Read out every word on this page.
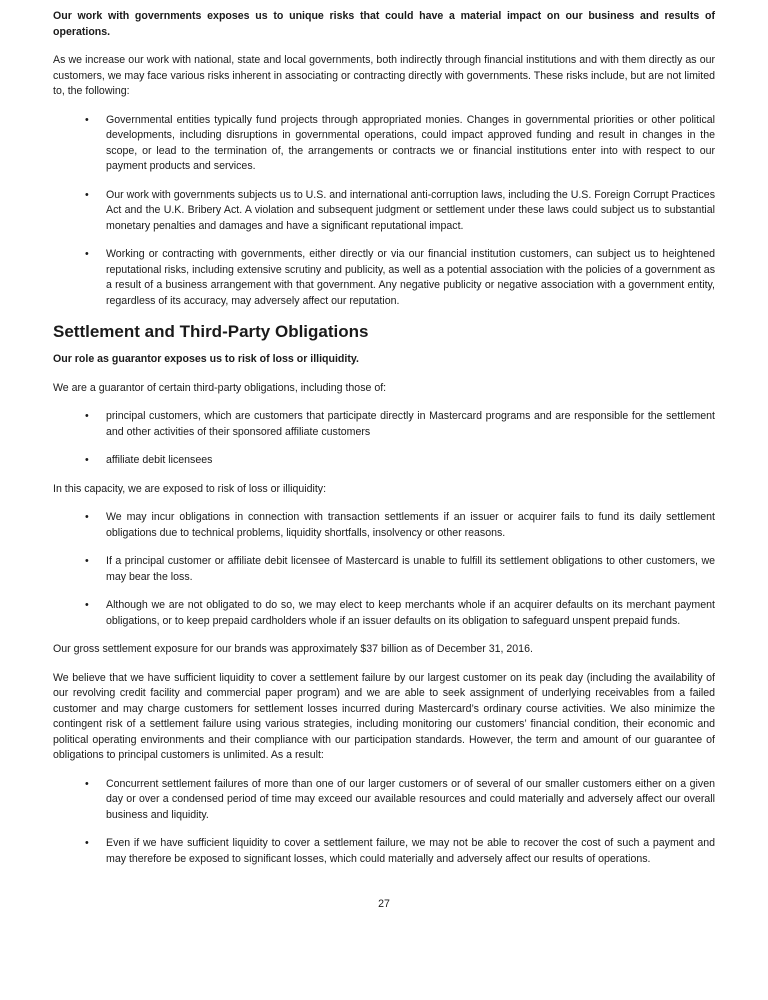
Our work with governments exposes us to unique risks that could have a material impact on our business and results of operations.

As we increase our work with national, state and local governments, both indirectly through financial institutions and with them directly as our customers, we may face various risks inherent in associating or contracting directly with governments. These risks include, but are not limited to, the following:

• Governmental entities typically fund projects through appropriated monies. Changes in governmental priorities or other political developments, including disruptions in governmental operations, could impact approved funding and result in changes in the scope, or lead to the termination of, the arrangements or contracts we or financial institutions enter into with respect to our payment products and services.
• Our work with governments subjects us to U.S. and international anti-corruption laws, including the U.S. Foreign Corrupt Practices Act and the U.K. Bribery Act. A violation and subsequent judgment or settlement under these laws could subject us to substantial monetary penalties and damages and have a significant reputational impact.
• Working or contracting with governments, either directly or via our financial institution customers, can subject us to heightened reputational risks, including extensive scrutiny and publicity, as well as a potential association with the policies of a government as a result of a business arrangement with that government. Any negative publicity or negative association with a government entity, regardless of its accuracy, may adversely affect our reputation.
Settlement and Third-Party Obligations

Our role as guarantor exposes us to risk of loss or illiquidity.

We are a guarantor of certain third-party obligations, including those of:

• principal customers, which are customers that participate directly in Mastercard programs and are responsible for the settlement and other activities of their sponsored affiliate customers
• affiliate debit licensees

In this capacity, we are exposed to risk of loss or illiquidity:

• We may incur obligations in connection with transaction settlements if an issuer or acquirer fails to fund its daily settlement obligations due to technical problems, liquidity shortfalls, insolvency or other reasons.
• If a principal customer or affiliate debit licensee of Mastercard is unable to fulfill its settlement obligations to other customers, we may bear the loss.
• Although we are not obligated to do so, we may elect to keep merchants whole if an acquirer defaults on its merchant payment obligations, or to keep prepaid cardholders whole if an issuer defaults on its obligation to safeguard unspent prepaid funds.

Our gross settlement exposure for our brands was approximately $37 billion as of December 31, 2016.

We believe that we have sufficient liquidity to cover a settlement failure by our largest customer on its peak day (including the availability of our revolving credit facility and commercial paper program) and we are able to seek assignment of underlying receivables from a failed customer and may charge customers for settlement losses incurred during Mastercard’s ordinary course activities. We also minimize the contingent risk of a settlement failure using various strategies, including monitoring our customers’ financial condition, their economic and political operating environments and their compliance with our participation standards. However, the term and amount of our guarantee of obligations to principal customers is unlimited. As a result:

• Concurrent settlement failures of more than one of our larger customers or of several of our smaller customers either on a given day or over a condensed period of time may exceed our available resources and could materially and adversely affect our overall business and liquidity.
• Even if we have sufficient liquidity to cover a settlement failure, we may not be able to recover the cost of such a payment and may therefore be exposed to significant losses, which could materially and adversely affect our results of operations.
27
